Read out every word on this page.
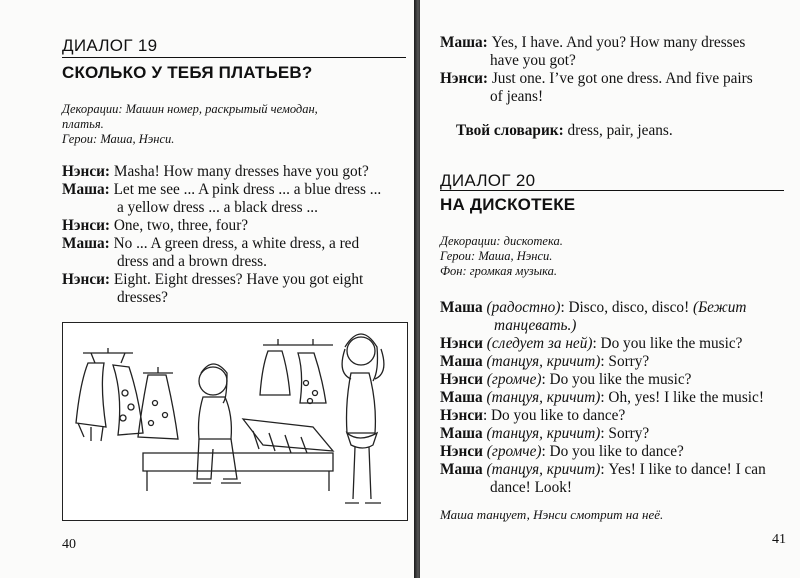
ДИАЛОГ 19
СКОЛЬКО У ТЕБЯ ПЛАТЬЕВ?
Декорации: Машин номер, раскрытый чемодан,
платья.
Герои: Маша, Нэнси.
Нэнси: Masha! How many dresses have you got?
Маша: Let me see ... A pink dress ... a blue dress ...
a yellow dress ... a black dress ...
Нэнси: One, two, three, four?
Маша: No ... A green dress, a white dress, a red
dress and a brown dress.
Нэнси: Eight. Eight dresses? Have you got eight
dresses?
40
Маша: Yes, I have. And you? How many dresses
have you got?
Нэнси: Just one. I’ve got one dress. And five pairs
of jeans!
Твой словарик: dress, pair, jeans.
ДИАЛОГ 20
НА ДИСКОТЕКЕ
Декорации: дискотека.
Герои: Маша, Нэнси.
Фон: громкая музыка.
Маша (радостно): Disco, disco, disco! (Бежит
танцевать.)
Нэнси (следует за ней): Do you like the music?
Маша (танцуя, кричит): Sorry?
Нэнси (громче): Do you like the music?
Маша (танцуя, кричит): Oh, yes! I like the music!
Нэнси: Do you like to dance?
Маша (танцуя, кричит): Sorry?
Нэнси (громче): Do you like to dance?
Маша (танцуя, кричит): Yes! I like to dance! I can
dance! Look!
Маша танцует, Нэнси смотрит на неё.
41
